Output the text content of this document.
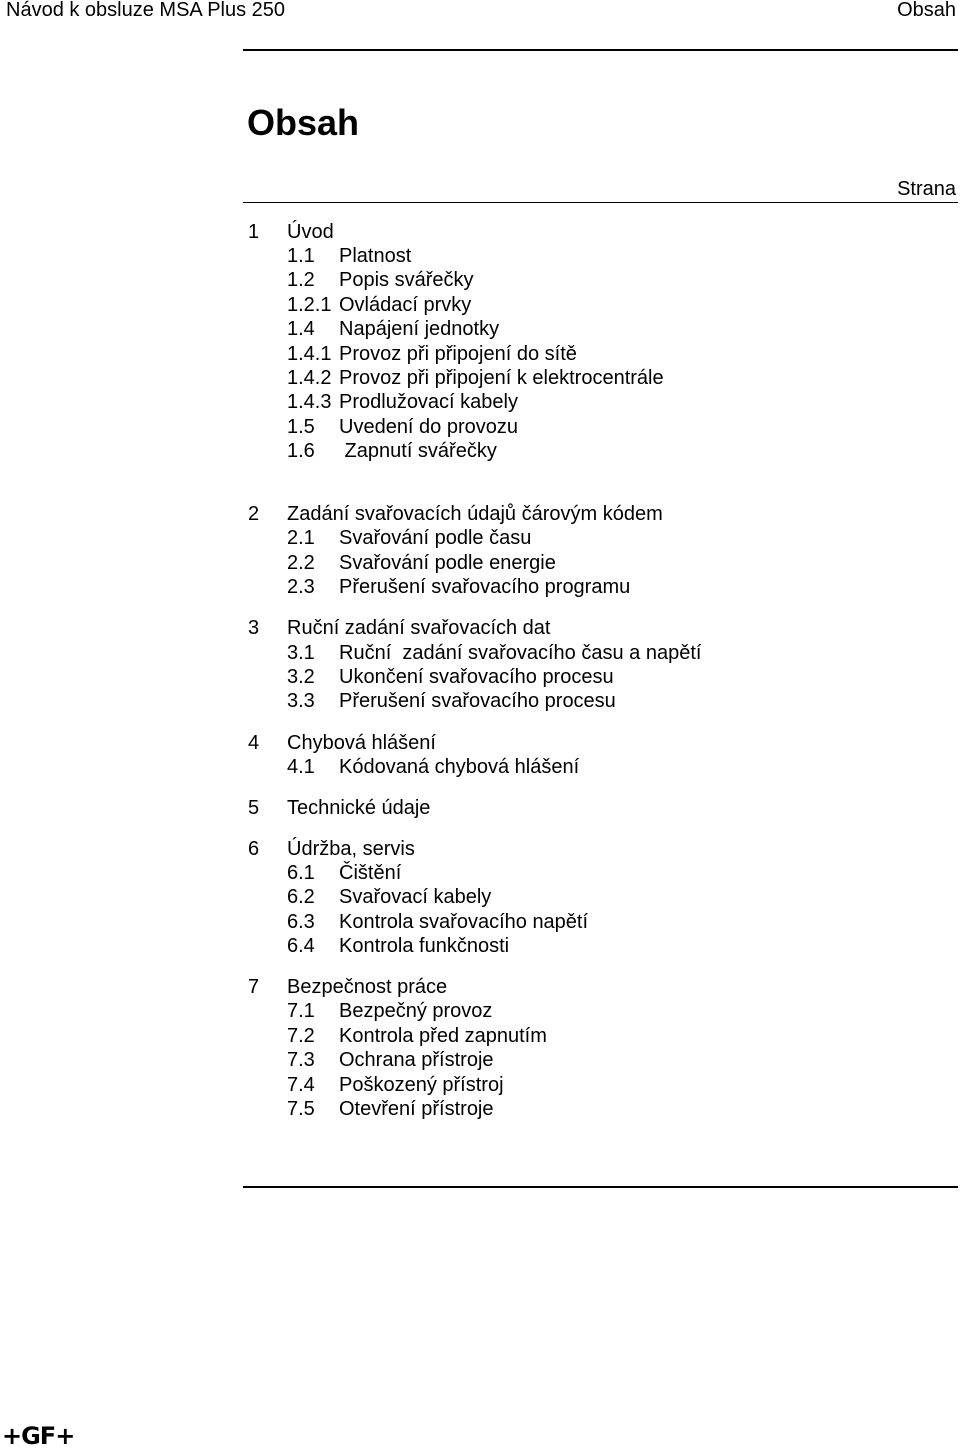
Návod k obsluze MSA Plus 250	Obsah
Obsah
Strana
1 Úvod
1.1 Platnost
1.2 Popis svářečky
1.2.1 Ovládací prvky
1.4 Napájení jednotky
1.4.1 Provoz při připojení do sítě
1.4.2 Provoz při připojení k elektrocentrále
1.4.3 Prodlužovací kabely
1.5 Uvedení do provozu
1.6 Zapnutí svářečky
2 Zadání svařovacích údajů čárovým kódem
2.1 Svařování podle času
2.2 Svařování podle energie
2.3 Přerušení svařovacího programu
3 Ruční zadání svařovacích dat
3.1 Ruční  zadání svařovacího času a napětí
3.2 Ukončení svařovacího procesu
3.3 Přerušení svařovacího procesu
4 Chybová hlášení
4.1 Kódovaná chybová hlášení
5 Technické údaje
6 Údržba, servis
6.1 Čištění
6.2 Svařovací kabely
6.3 Kontrola svařovacího napětí
6.4 Kontrola funkčnosti
7 Bezpečnost práce
7.1 Bezpečný provoz
7.2 Kontrola před zapnutím
7.3 Ochrana přístroje
7.4 Poškozený přístroj
7.5 Otevření přístroje
+GF+
